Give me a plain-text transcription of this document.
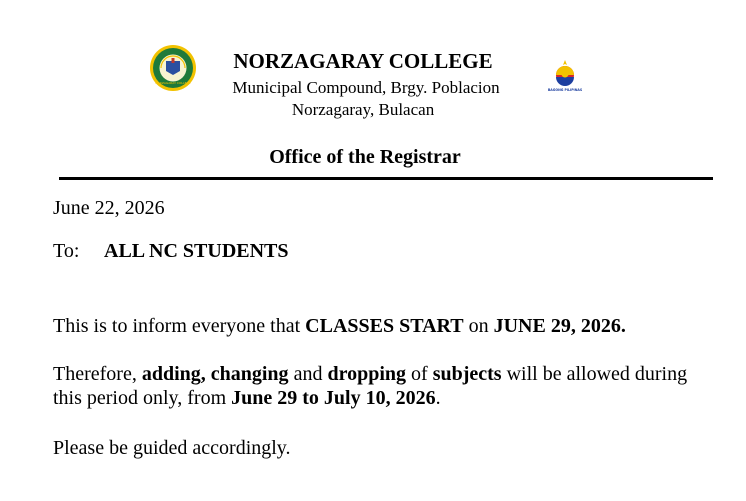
NORZAGARAY COLLEGE
BAGONG PILIPINAS
NORZAGARAY COLLEGE
Municipal Compound, Brgy. Poblacion
Norzagaray, Bulacan
Office of the Registrar
June 22, 2026
To: ALL NC STUDENTS
This is to inform everyone that CLASSES START on JUNE 29, 2026.
Therefore, adding, changing and dropping of subjects will be allowed during this period only, from June 29 to July 10, 2026.
Please be guided accordingly.
